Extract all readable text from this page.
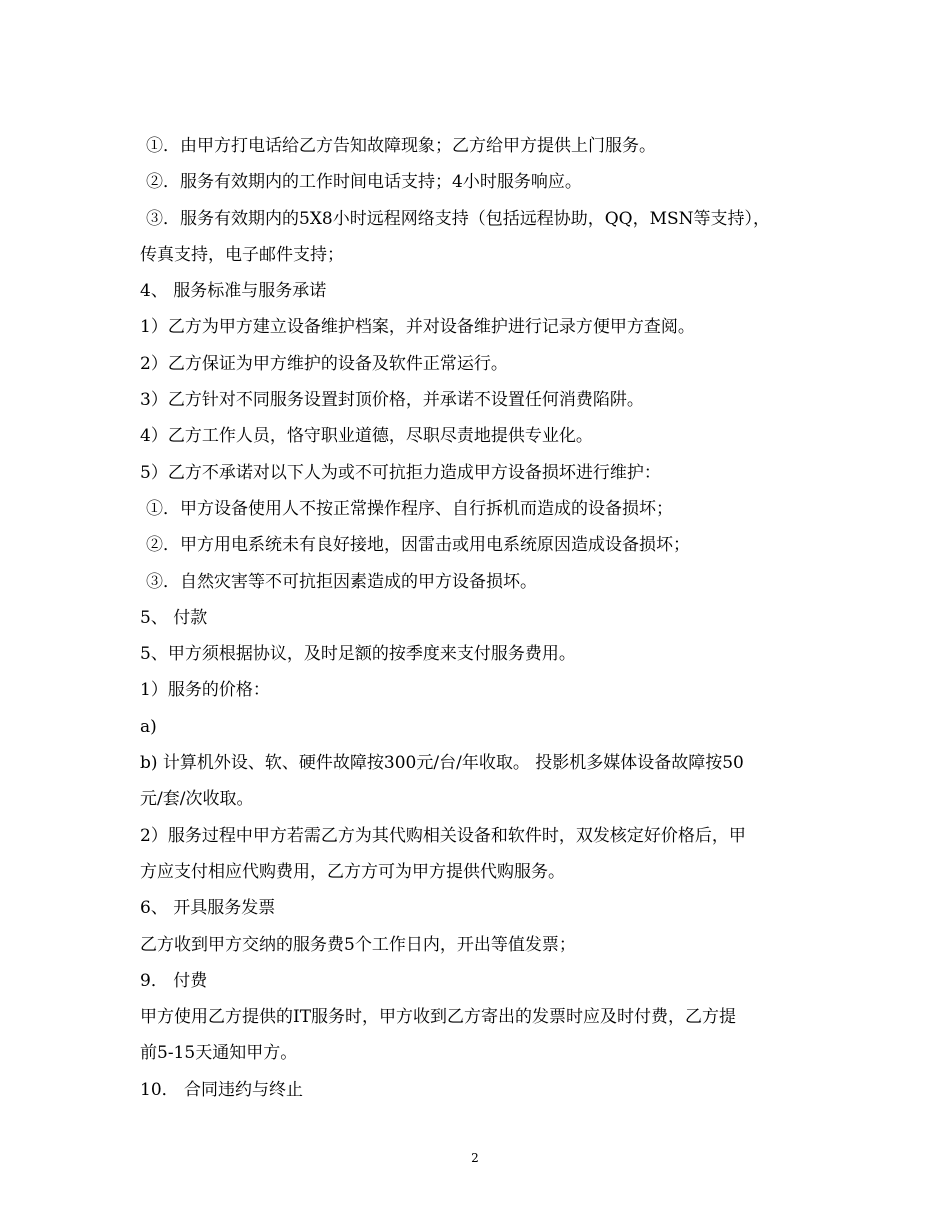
①．由甲方打电话给乙方告知故障现象；乙方给甲方提供上门服务。
②．服务有效期内的工作时间电话支持；4小时服务响应。
③．服务有效期内的5X8小时远程网络支持（包括远程协助，QQ，MSN等支持），
传真支持，电子邮件支持；
4、 服务标准与服务承诺
1）乙方为甲方建立设备维护档案，并对设备维护进行记录方便甲方查阅。
2）乙方保证为甲方维护的设备及软件正常运行。
3）乙方针对不同服务设置封顶价格，并承诺不设置任何消费陷阱。
4）乙方工作人员，恪守职业道德，尽职尽责地提供专业化。
5）乙方不承诺对以下人为或不可抗拒力造成甲方设备损坏进行维护：
①．甲方设备使用人不按正常操作程序、自行拆机而造成的设备损坏；
②．甲方用电系统未有良好接地，因雷击或用电系统原因造成设备损坏；
③．自然灾害等不可抗拒因素造成的甲方设备损坏。
5、 付款
5、甲方须根据协议，及时足额的按季度来支付服务费用。
1）服务的价格：
a)
b) 计算机外设、软、硬件故障按300元/台/年收取。 投影机多媒体设备故障按50
元/套/次收取。
2）服务过程中甲方若需乙方为其代购相关设备和软件时，双发核定好价格后，甲
方应支付相应代购费用，乙方方可为甲方提供代购服务。
6、 开具服务发票
乙方收到甲方交纳的服务费5个工作日内，开出等值发票；
9． 付费
甲方使用乙方提供的IT服务时，甲方收到乙方寄出的发票时应及时付费，乙方提
前5-15天通知甲方。
10． 合同违约与终止
2
